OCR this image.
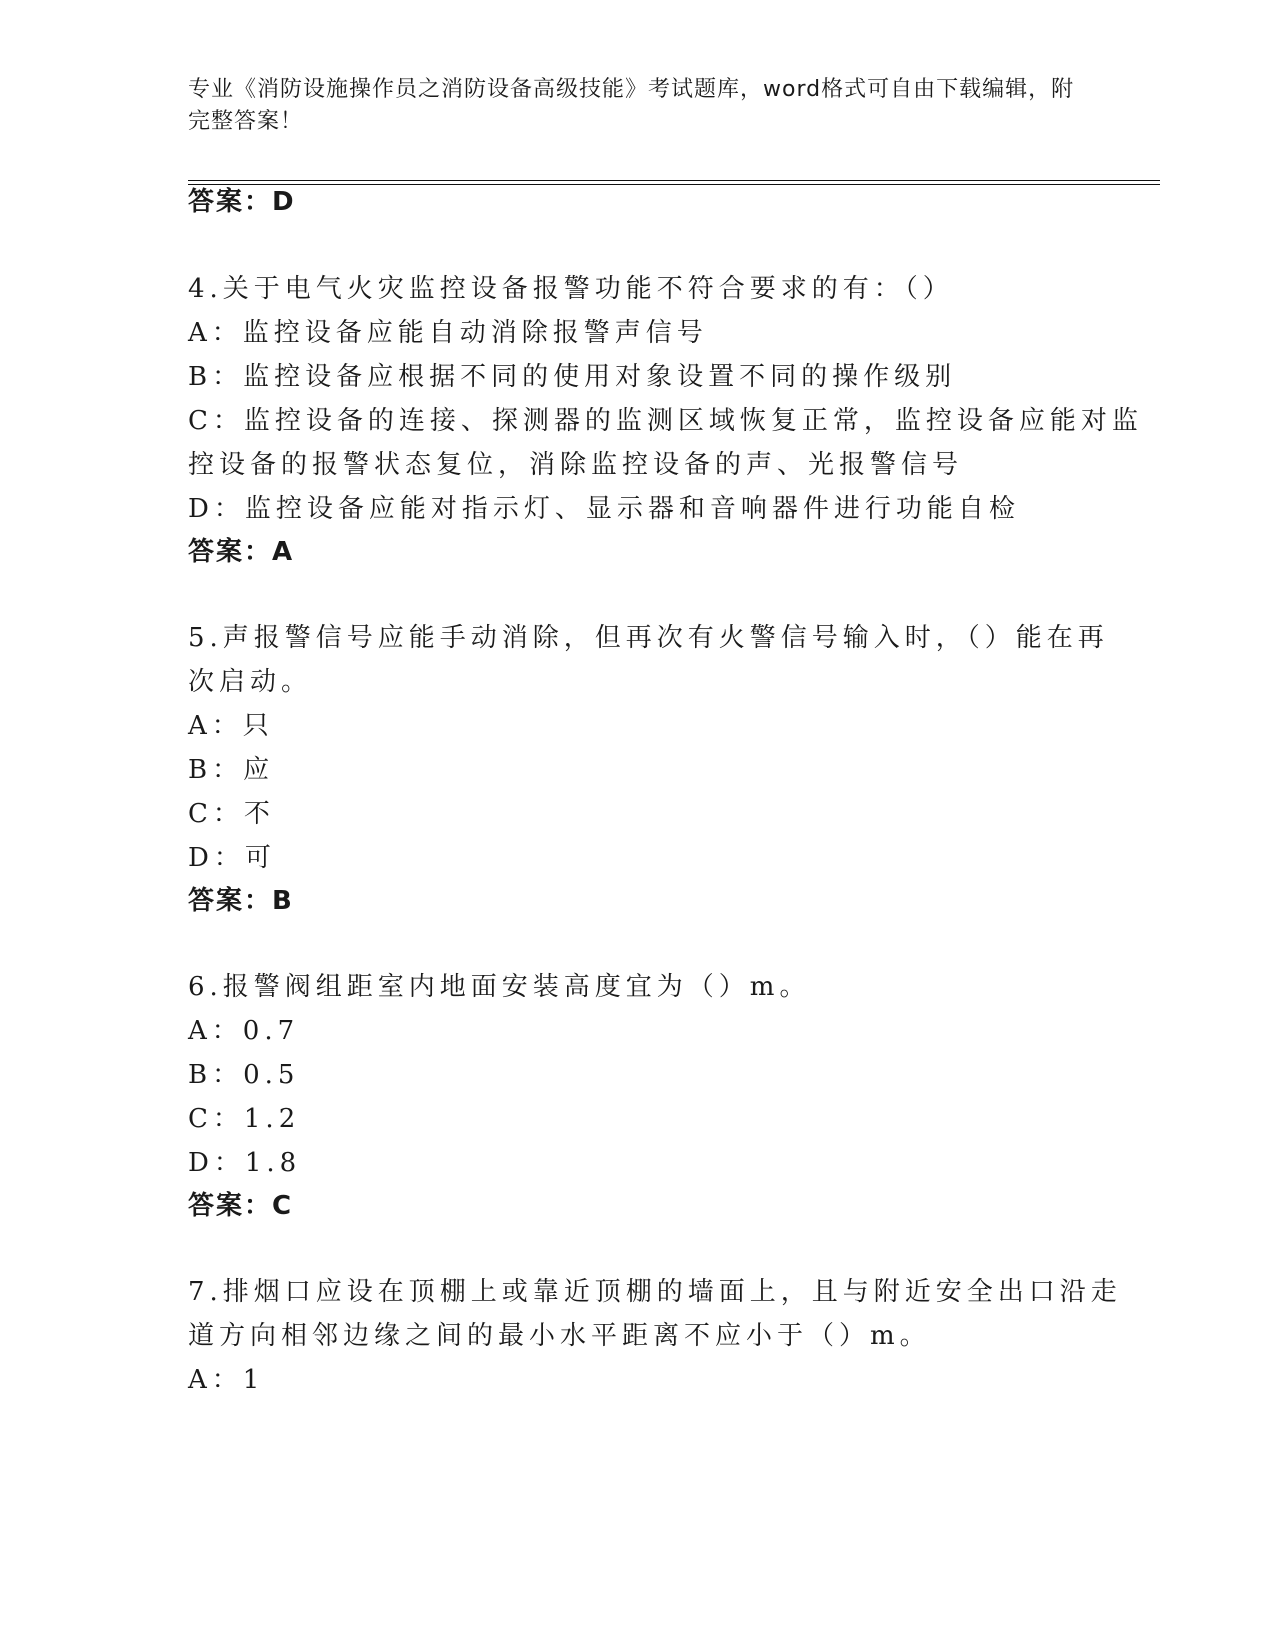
专业《消防设施操作员之消防设备高级技能》考试题库，word格式可自由下载编辑，附完整答案！
答案：D
4.关于电气火灾监控设备报警功能不符合要求的有：（）
A：监控设备应能自动消除报警声信号
B：监控设备应根据不同的使用对象设置不同的操作级别
C：监控设备的连接、探测器的监测区域恢复正常，监控设备应能对监
控设备的报警状态复位，消除监控设备的声、光报警信号
D：监控设备应能对指示灯、显示器和音响器件进行功能自检
答案：A
5.声报警信号应能手动消除，但再次有火警信号输入时，（）能在再
次启动。
A：只
B：应
C：不
D：可
答案：B
6.报警阀组距室内地面安装高度宜为（）m。
A：0.7
B：0.5
C：1.2
D：1.8
答案：C
7.排烟口应设在顶棚上或靠近顶棚的墙面上，且与附近安全出口沿走
道方向相邻边缘之间的最小水平距离不应小于（）m。
A：1
